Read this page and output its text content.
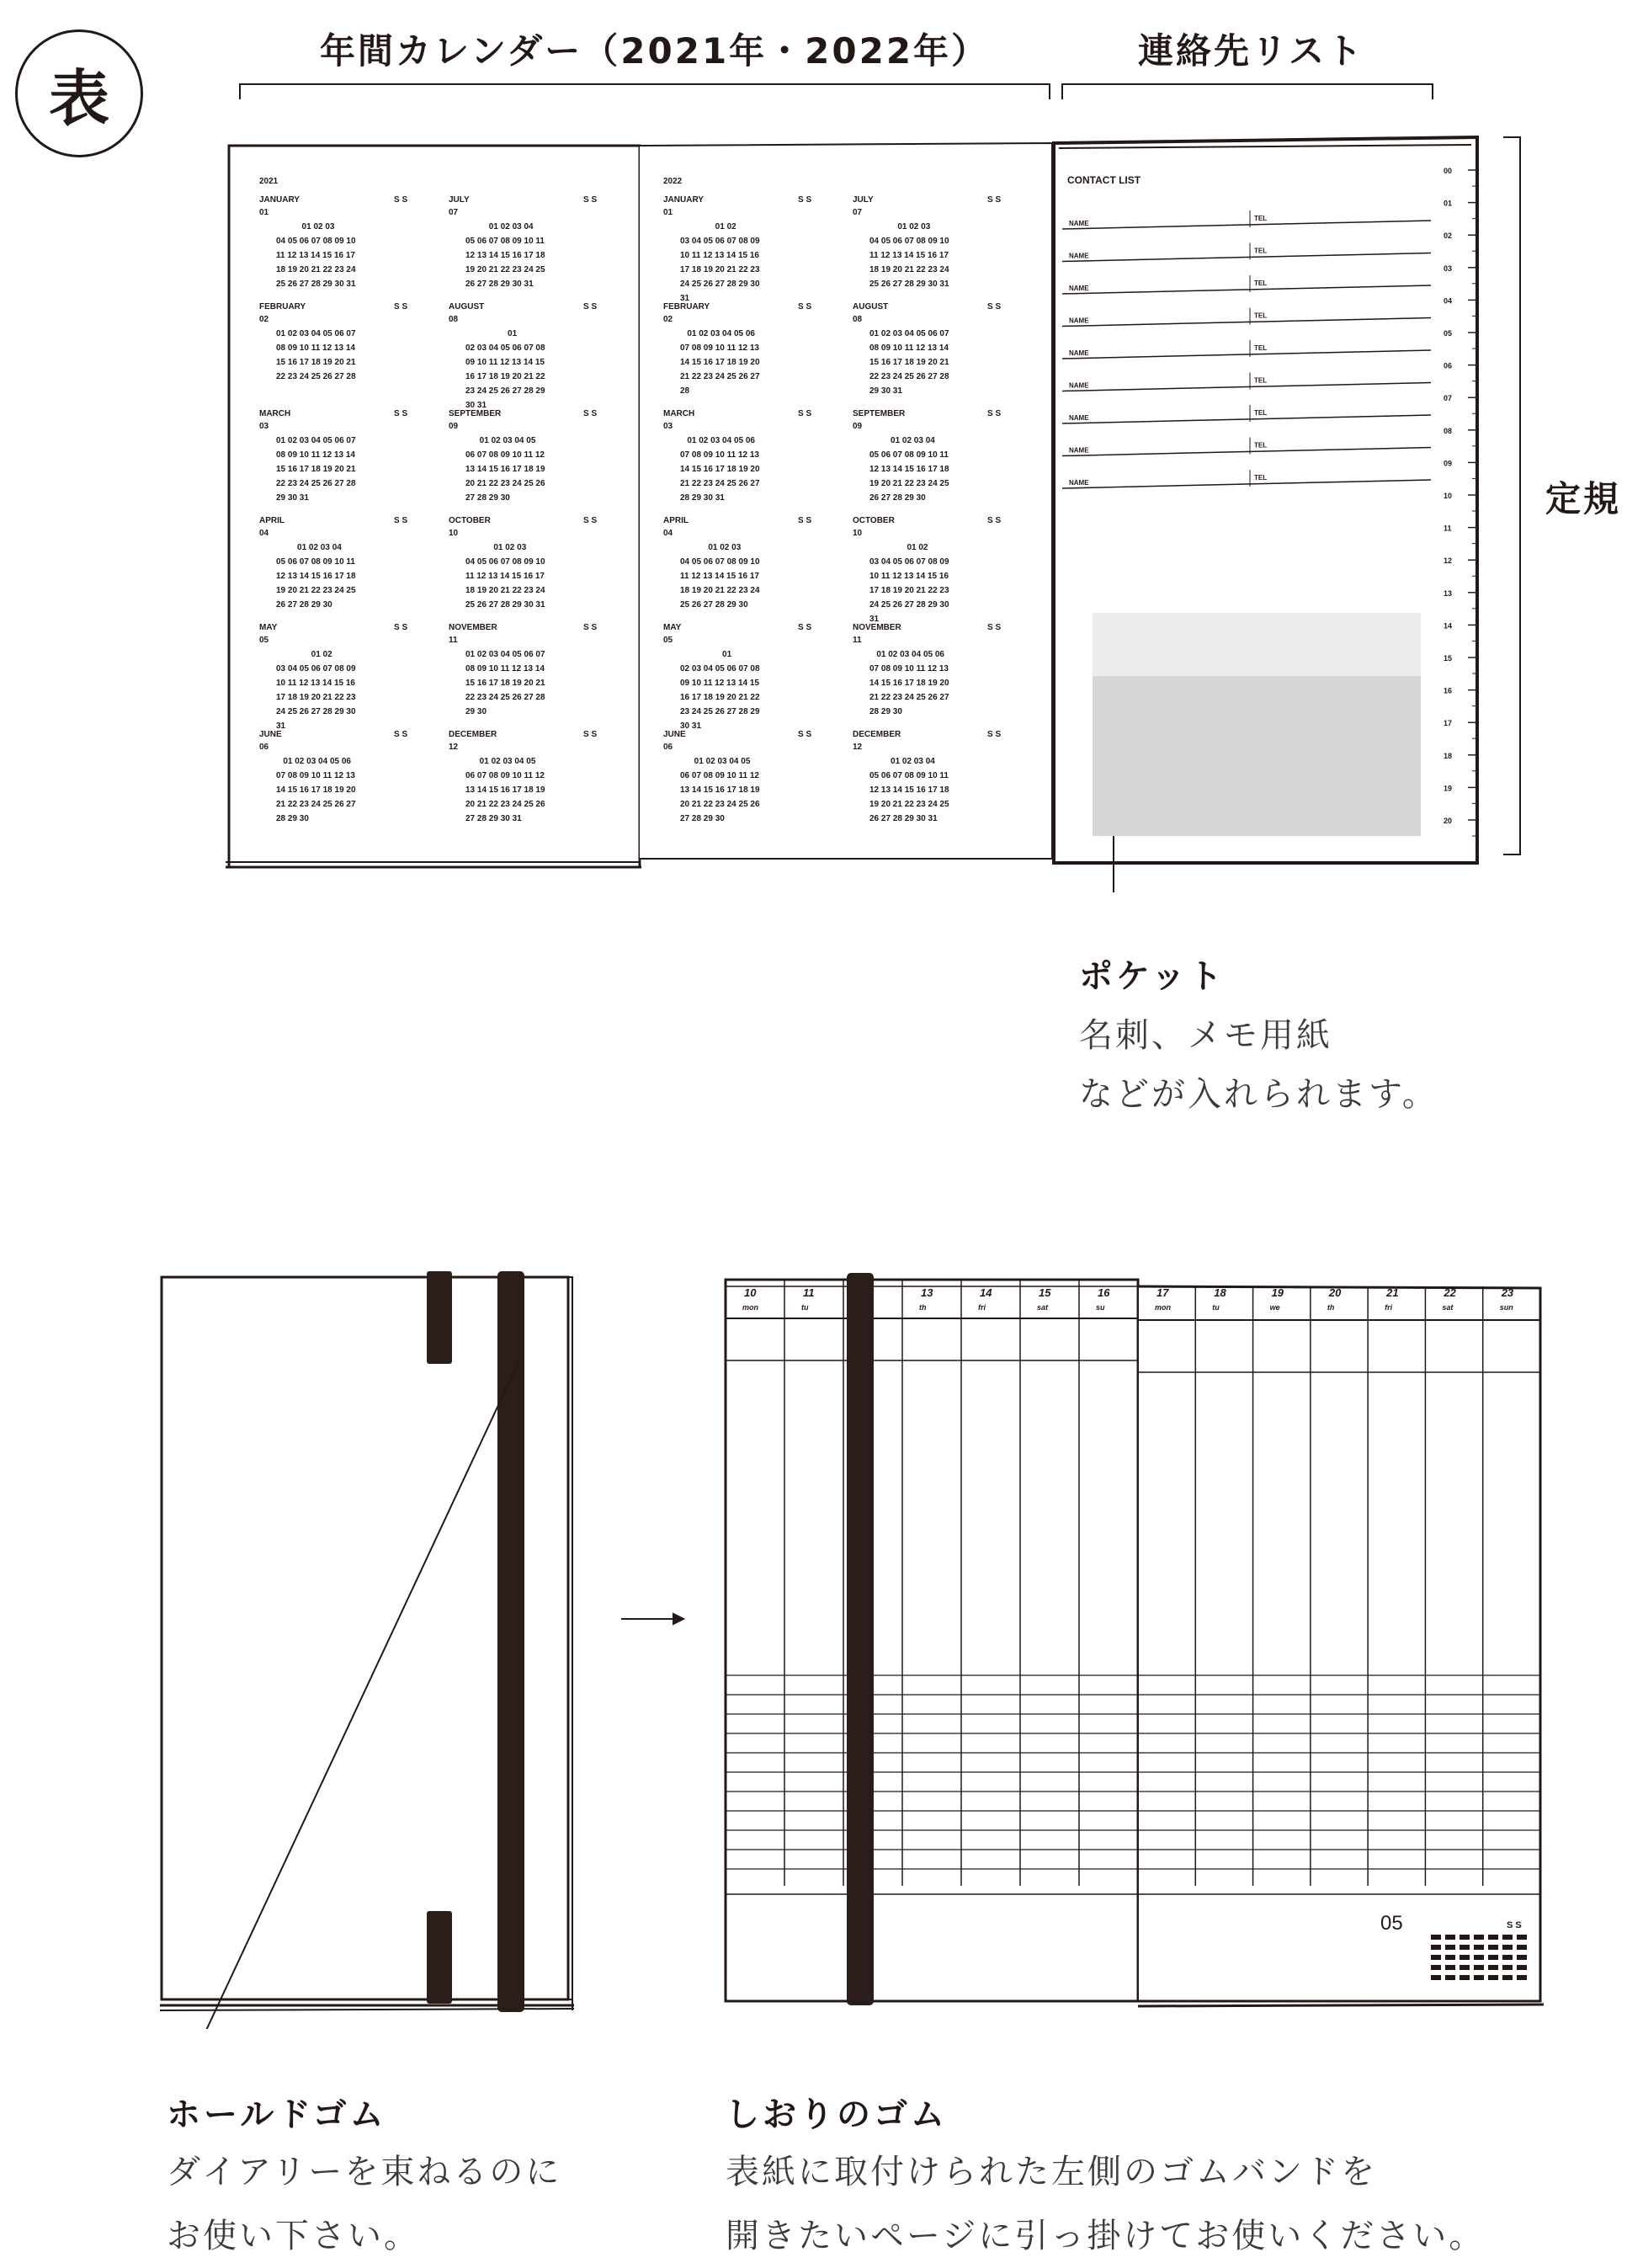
表
年間カレンダー（2021年・2022年）	連絡先リスト
定規
00
01
02
03
04
05
06
07
08
09
10
11
12
13
14
15
16
17
18
19
20
CONTACT LIST
NAME
TEL
NAME
TEL
NAME
TEL
NAME
TEL
NAME
TEL
NAME
TEL
NAME
TEL
NAME
TEL
NAME
TEL
2021
JANUARY	S S
01
01 02 03
04 05 06 07 08 09 10
11 12 13 14 15 16 17
18 19 20 21 22 23 24
25 26 27 28 29 30 31
JULY	S S
07
01 02 03 04
05 06 07 08 09 10 11
12 13 14 15 16 17 18
19 20 21 22 23 24 25
26 27 28 29 30 31
FEBRUARY	S S
02
01 02 03 04 05 06 07
08 09 10 11 12 13 14
15 16 17 18 19 20 21
22 23 24 25 26 27 28
AUGUST	S S
08
01
02 03 04 05 06 07 08
09 10 11 12 13 14 15
16 17 18 19 20 21 22
23 24 25 26 27 28 29
30 31
MARCH	S S
03
01 02 03 04 05 06 07
08 09 10 11 12 13 14
15 16 17 18 19 20 21
22 23 24 25 26 27 28
29 30 31
SEPTEMBER	S S
09
01 02 03 04 05
06 07 08 09 10 11 12
13 14 15 16 17 18 19
20 21 22 23 24 25 26
27 28 29 30
APRIL	S S
04
01 02 03 04
05 06 07 08 09 10 11
12 13 14 15 16 17 18
19 20 21 22 23 24 25
26 27 28 29 30
OCTOBER	S S
10
01 02 03
04 05 06 07 08 09 10
11 12 13 14 15 16 17
18 19 20 21 22 23 24
25 26 27 28 29 30 31
MAY	S S
05
01 02
03 04 05 06 07 08 09
10 11 12 13 14 15 16
17 18 19 20 21 22 23
24 25 26 27 28 29 30
31
NOVEMBER	S S
11
01 02 03 04 05 06 07
08 09 10 11 12 13 14
15 16 17 18 19 20 21
22 23 24 25 26 27 28
29 30
JUNE	S S
06
01 02 03 04 05 06
07 08 09 10 11 12 13
14 15 16 17 18 19 20
21 22 23 24 25 26 27
28 29 30
DECEMBER	S S
12
01 02 03 04 05
06 07 08 09 10 11 12
13 14 15 16 17 18 19
20 21 22 23 24 25 26
27 28 29 30 31
2022
JANUARY	S S
01
01 02
03 04 05 06 07 08 09
10 11 12 13 14 15 16
17 18 19 20 21 22 23
24 25 26 27 28 29 30
31
JULY	S S
07
01 02 03
04 05 06 07 08 09 10
11 12 13 14 15 16 17
18 19 20 21 22 23 24
25 26 27 28 29 30 31
FEBRUARY	S S
02
01 02 03 04 05 06
07 08 09 10 11 12 13
14 15 16 17 18 19 20
21 22 23 24 25 26 27
28
AUGUST	S S
08
01 02 03 04 05 06 07
08 09 10 11 12 13 14
15 16 17 18 19 20 21
22 23 24 25 26 27 28
29 30 31
MARCH	S S
03
01 02 03 04 05 06
07 08 09 10 11 12 13
14 15 16 17 18 19 20
21 22 23 24 25 26 27
28 29 30 31
SEPTEMBER	S S
09
01 02 03 04
05 06 07 08 09 10 11
12 13 14 15 16 17 18
19 20 21 22 23 24 25
26 27 28 29 30
APRIL	S S
04
01 02 03
04 05 06 07 08 09 10
11 12 13 14 15 16 17
18 19 20 21 22 23 24
25 26 27 28 29 30
OCTOBER	S S
10
01 02
03 04 05 06 07 08 09
10 11 12 13 14 15 16
17 18 19 20 21 22 23
24 25 26 27 28 29 30
31
MAY	S S
05
01
02 03 04 05 06 07 08
09 10 11 12 13 14 15
16 17 18 19 20 21 22
23 24 25 26 27 28 29
30 31
NOVEMBER	S S
11
01 02 03 04 05 06
07 08 09 10 11 12 13
14 15 16 17 18 19 20
21 22 23 24 25 26 27
28 29 30
JUNE	S S
06
01 02 03 04 05
06 07 08 09 10 11 12
13 14 15 16 17 18 19
20 21 22 23 24 25 26
27 28 29 30
DECEMBER	S S
12
01 02 03 04
05 06 07 08 09 10 11
12 13 14 15 16 17 18
19 20 21 22 23 24 25
26 27 28 29 30 31
ポケット
名刺、メモ用紙
などが入れられます。
10
mon
11
tu
13
th
14
fri
15
sat
16
su
17
mon
18
tu
19
we
20
th
21
fri
22
sat
23
sun
05	S S
ホールドゴム
ダイアリーを束ねるのに
お使い下さい。
しおりのゴム
表紙に取付けられた左側のゴムバンドを
開きたいページに引っ掛けてお使いください。
